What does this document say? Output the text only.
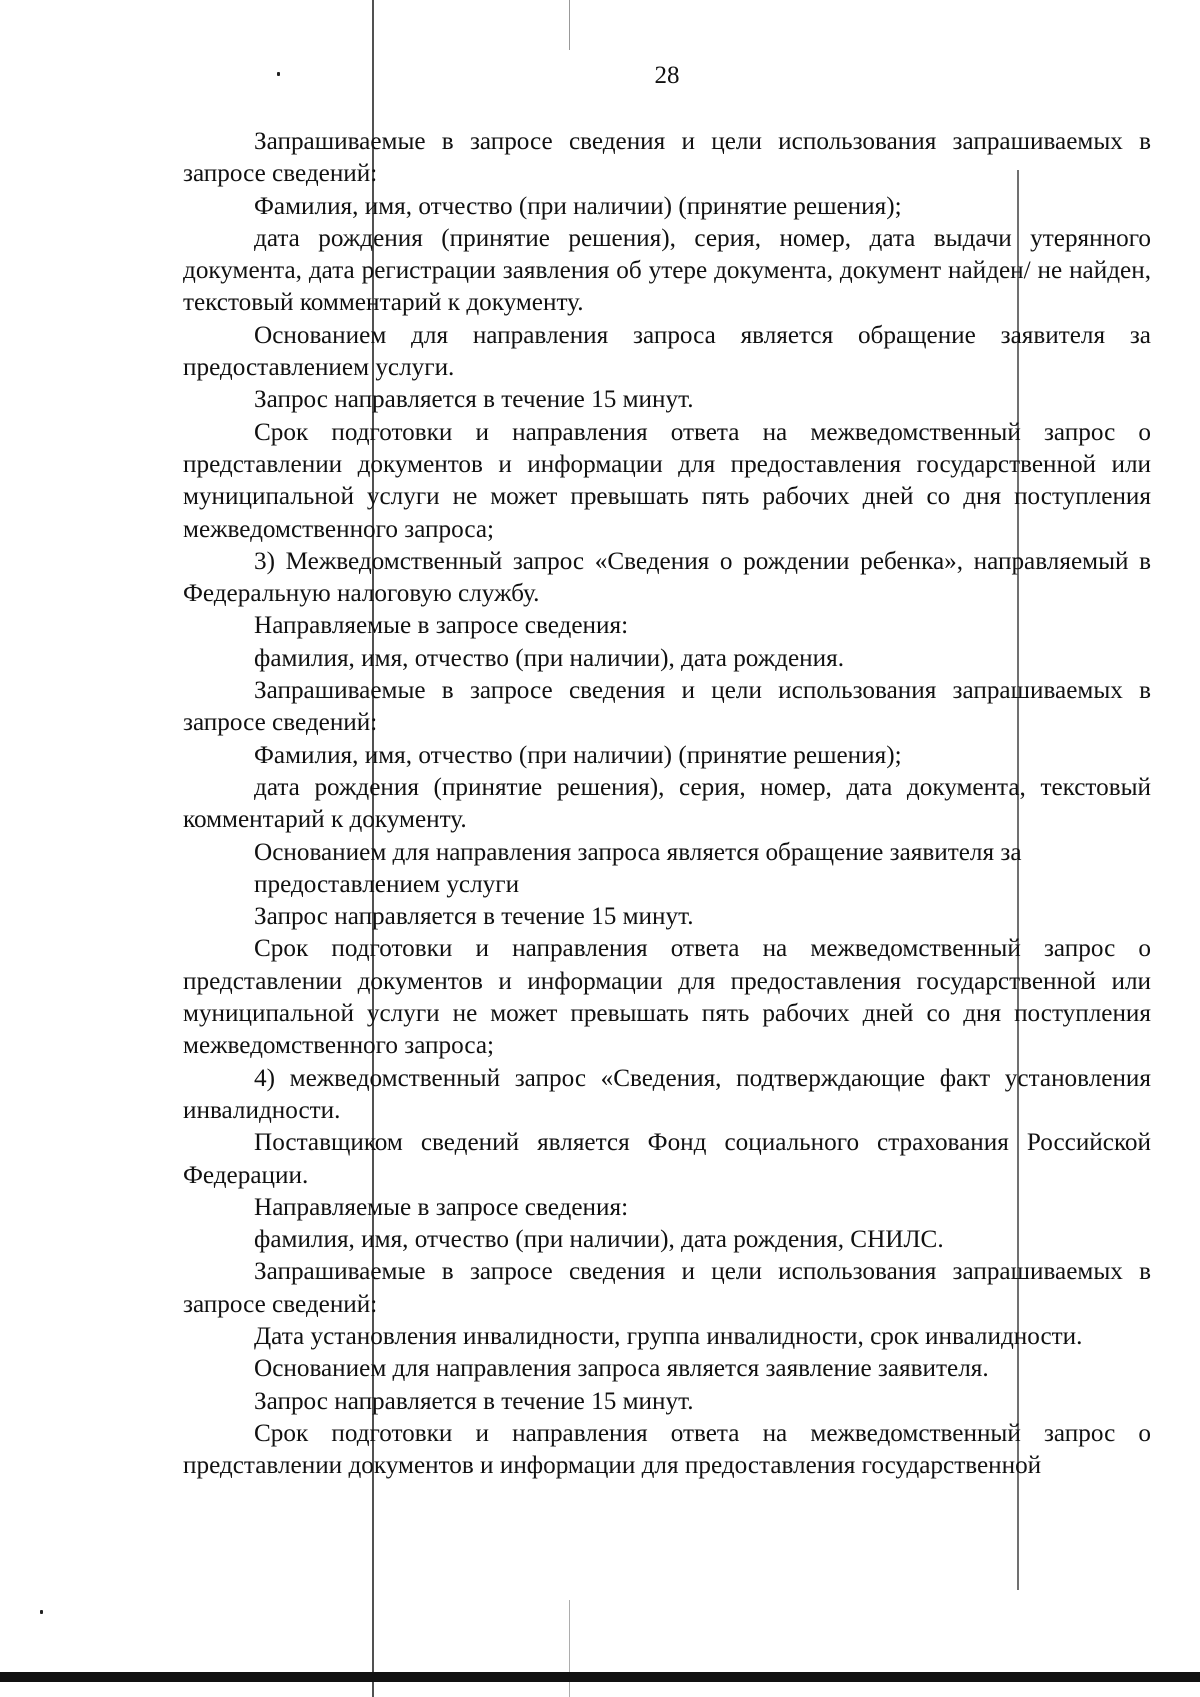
28

Запрашиваемые в запросе сведения и цели использования запрашиваемых в запросе сведений:

Фамилия, имя, отчество (при наличии) (принятие решения);

дата рождения (принятие решения), серия, номер, дата выдачи утерянного документа, дата регистрации заявления об утере документа, документ найден/ не найден, текстовый комментарий к документу.

Основанием для направления запроса является обращение заявителя за предоставлением услуги.

Запрос направляется в течение 15 минут.

Срок подготовки и направления ответа на межведомственный запрос о представлении документов и информации для предоставления государственной или муниципальной услуги не может превышать пять рабочих дней со дня поступления межведомственного запроса;

3) Межведомственный запрос «Сведения о рождении ребенка», направляемый в Федеральную налоговую службу.

Направляемые в запросе сведения:

фамилия, имя, отчество (при наличии), дата рождения.

Запрашиваемые в запросе сведения и цели использования запрашиваемых в запросе сведений:

Фамилия, имя, отчество (при наличии) (принятие решения);

дата рождения (принятие решения), серия, номер, дата документа, текстовый комментарий к документу.

Основанием для направления запроса является обращение заявителя за предоставлением услуги

Запрос направляется в течение 15 минут.

Срок подготовки и направления ответа на межведомственный запрос о представлении документов и информации для предоставления государственной или муниципальной услуги не может превышать пять рабочих дней со дня поступления межведомственного запроса;

4) межведомственный запрос «Сведения, подтверждающие факт установления инвалидности.

Поставщиком сведений является Фонд социального страхования Российской Федерации.

Направляемые в запросе сведения:

фамилия, имя, отчество (при наличии), дата рождения, СНИЛС.

Запрашиваемые в запросе сведения и цели использования запрашиваемых в запросе сведений:

Дата установления инвалидности, группа инвалидности, срок инвалидности.

Основанием для направления запроса является заявление заявителя.

Запрос направляется в течение 15 минут.

Срок подготовки и направления ответа на межведомственный запрос о представлении документов и информации для предоставления государственной
